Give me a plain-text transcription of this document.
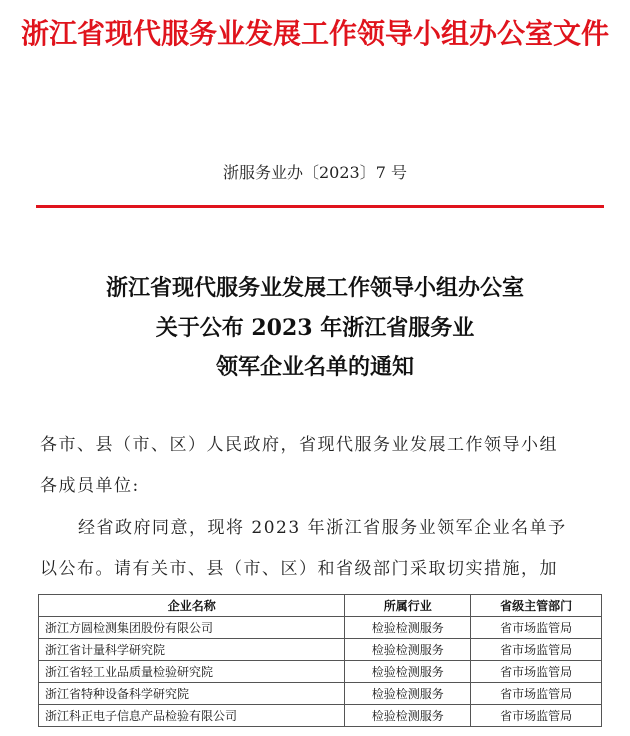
浙江省现代服务业发展工作领导小组办公室文件
浙服务业办〔2023〕7 号
浙江省现代服务业发展工作领导小组办公室
关于公布 2023 年浙江省服务业
领军企业名单的通知
各市、县（市、区）人民政府，省现代服务业发展工作领导小组
各成员单位:
经省政府同意，现将 2023 年浙江省服务业领军企业名单予
以公布。请有关市、县（市、区）和省级部门采取切实措施，加
企业名称	所属行业	省级主管部门
浙江方圆检测集团股份有限公司	检验检测服务	省市场监管局
浙江省计量科学研究院	检验检测服务	省市场监管局
浙江省轻工业品质量检验研究院	检验检测服务	省市场监管局
浙江省特种设备科学研究院	检验检测服务	省市场监管局
浙江科正电子信息产品检验有限公司	检验检测服务	省市场监管局
